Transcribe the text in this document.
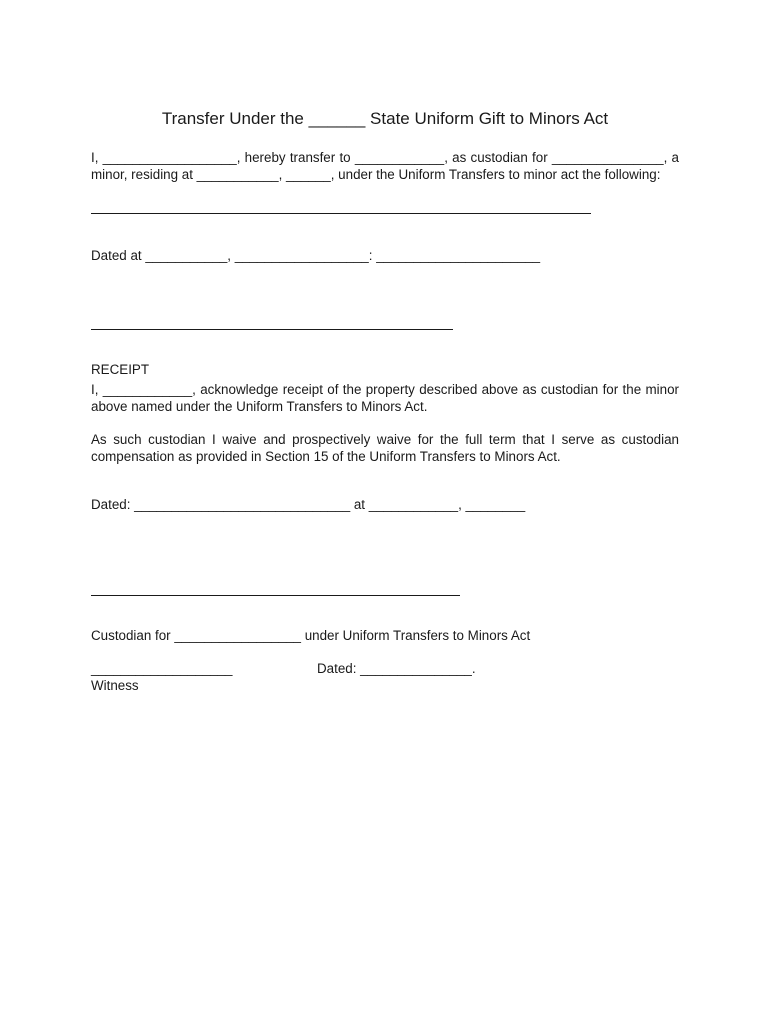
Transfer Under the ______ State Uniform Gift to Minors Act

I, __________________, hereby transfer to ____________, as custodian for _______________, a minor, residing at ___________, ______, under the Uniform Transfers to minor act the following:

Dated at ___________, __________________: ______________________

RECEIPT

I, ____________, acknowledge receipt of the property described above as custodian for the minor above named under the Uniform Transfers to Minors Act.

As such custodian I waive and prospectively waive for the full term that I serve as custodian compensation as provided in Section 15 of the Uniform Transfers to Minors Act.

Dated: _____________________________ at ____________, ________

Custodian for _________________ under Uniform Transfers to Minors Act

___________________	Dated: _______________.

Witness
